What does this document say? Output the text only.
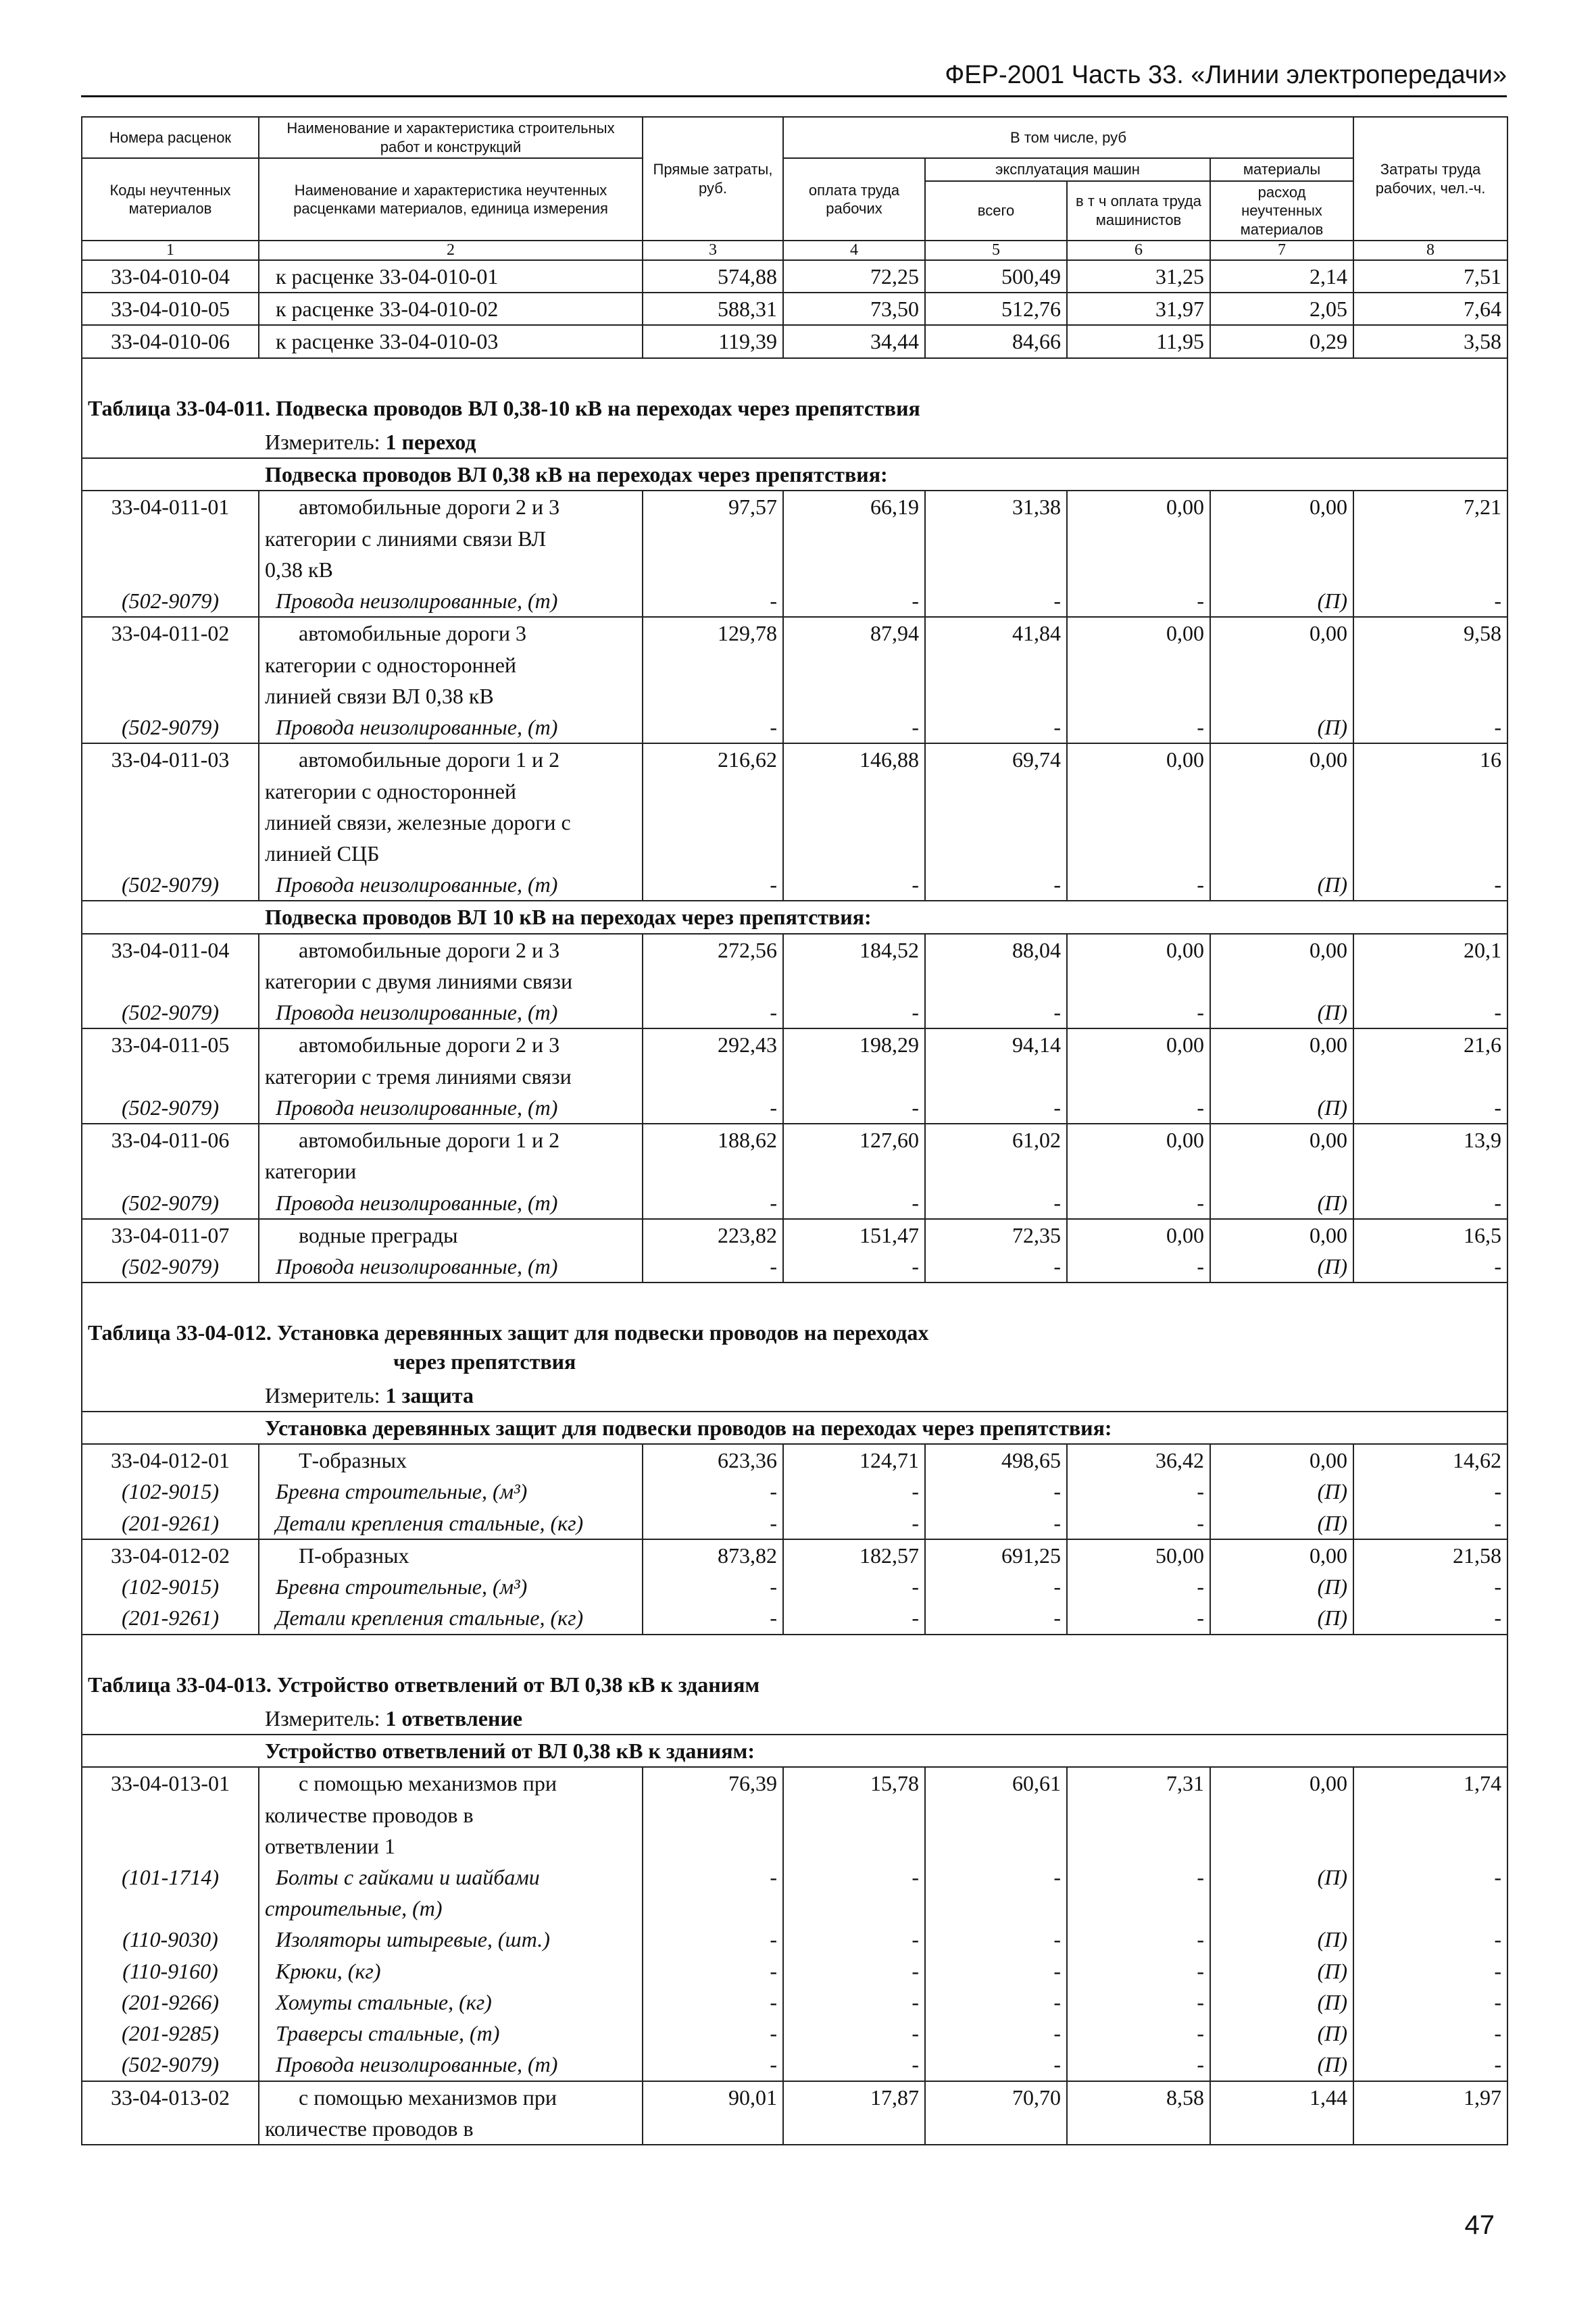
ФЕР-2001 Часть 33. «Линии электропередачи»
Номера расценок	Наименование и характеристика строительных работ и конструкций	Прямые затраты, руб.	В том числе, руб				Затраты труда рабочих, чел.-ч.
Коды неучтенных материалов	Наименование и характеристика неучтенных расценками материалов, единица измерения		оплата труда рабочих	эксплуатация машин		материалы	
				всего	в т ч оплата труда машинистов	расход неучтенных материалов	
1	2	3	4	5	6	7	8
33-04-010-04	к расценке 33-04-010-01	574,88	72,25	500,49	31,25	2,14	7,51
33-04-010-05	к расценке 33-04-010-02	588,31	73,50	512,76	31,97	2,05	7,64
33-04-010-06	к расценке 33-04-010-03	119,39	34,44	84,66	11,95	0,29	3,58

Таблица 33-04-011. Подвеска проводов ВЛ 0,38-10 кВ на переходах через препятствия							
Измеритель: 1 переход							
Подвеска проводов ВЛ 0,38 кВ на переходах через препятствия:							
33-04-011-01	автомобильные дороги 2 и 3	97,57	66,19	31,38	0,00	0,00	7,21
	категории с линиями связи ВЛ						
	0,38 кВ						
(502-9079)	Провода неизолированные, (т)	-	-	-	-	(П)	-
33-04-011-02	автомобильные дороги 3	129,78	87,94	41,84	0,00	0,00	9,58
	категории с односторонней						
	линией связи ВЛ 0,38 кВ						
(502-9079)	Провода неизолированные, (т)	-	-	-	-	(П)	-
33-04-011-03	автомобильные дороги 1 и 2	216,62	146,88	69,74	0,00	0,00	16
	категории с односторонней						
	линией связи, железные дороги с						
	линией СЦБ						
(502-9079)	Провода неизолированные, (т)	-	-	-	-	(П)	-
Подвеска проводов ВЛ 10 кВ на переходах через препятствия:							
33-04-011-04	автомобильные дороги 2 и 3	272,56	184,52	88,04	0,00	0,00	20,1
	категории с двумя линиями связи						
(502-9079)	Провода неизолированные, (т)	-	-	-	-	(П)	-
33-04-011-05	автомобильные дороги 2 и 3	292,43	198,29	94,14	0,00	0,00	21,6
	категории с тремя линиями связи						
(502-9079)	Провода неизолированные, (т)	-	-	-	-	(П)	-
33-04-011-06	автомобильные дороги 1 и 2	188,62	127,60	61,02	0,00	0,00	13,9
	категории						
(502-9079)	Провода неизолированные, (т)	-	-	-	-	(П)	-
33-04-011-07	водные преграды	223,82	151,47	72,35	0,00	0,00	16,5
(502-9079)	Провода неизолированные, (т)	-	-	-	-	(П)	-

Таблица 33-04-012. Установка деревянных защит для подвески проводов на переходах							
через препятствия							
Измеритель: 1 защита							
Установка деревянных защит для подвески проводов на переходах через препятствия:							
33-04-012-01	Т-образных	623,36	124,71	498,65	36,42	0,00	14,62
(102-9015)	Бревна строительные, (м³)	-	-	-	-	(П)	-
(201-9261)	Детали крепления стальные, (кг)	-	-	-	-	(П)	-
33-04-012-02	П-образных	873,82	182,57	691,25	50,00	0,00	21,58
(102-9015)	Бревна строительные, (м³)	-	-	-	-	(П)	-
(201-9261)	Детали крепления стальные, (кг)	-	-	-	-	(П)	-

Таблица 33-04-013. Устройство ответвлений от ВЛ 0,38 кВ к зданиям							
Измеритель: 1 ответвление							
Устройство ответвлений от ВЛ 0,38 кВ к зданиям:							
33-04-013-01	с помощью механизмов при	76,39	15,78	60,61	7,31	0,00	1,74
	количестве проводов в						
	ответвлении 1						
(101-1714)	Болты с гайками и шайбами	-	-	-	-	(П)	-
	строительные, (т)						
(110-9030)	Изоляторы штыревые, (шт.)	-	-	-	-	(П)	-
(110-9160)	Крюки, (кг)	-	-	-	-	(П)	-
(201-9266)	Хомуты стальные, (кг)	-	-	-	-	(П)	-
(201-9285)	Траверсы стальные, (т)	-	-	-	-	(П)	-
(502-9079)	Провода неизолированные, (т)	-	-	-	-	(П)	-
33-04-013-02	с помощью механизмов при	90,01	17,87	70,70	8,58	1,44	1,97
	количестве проводов в						
47
